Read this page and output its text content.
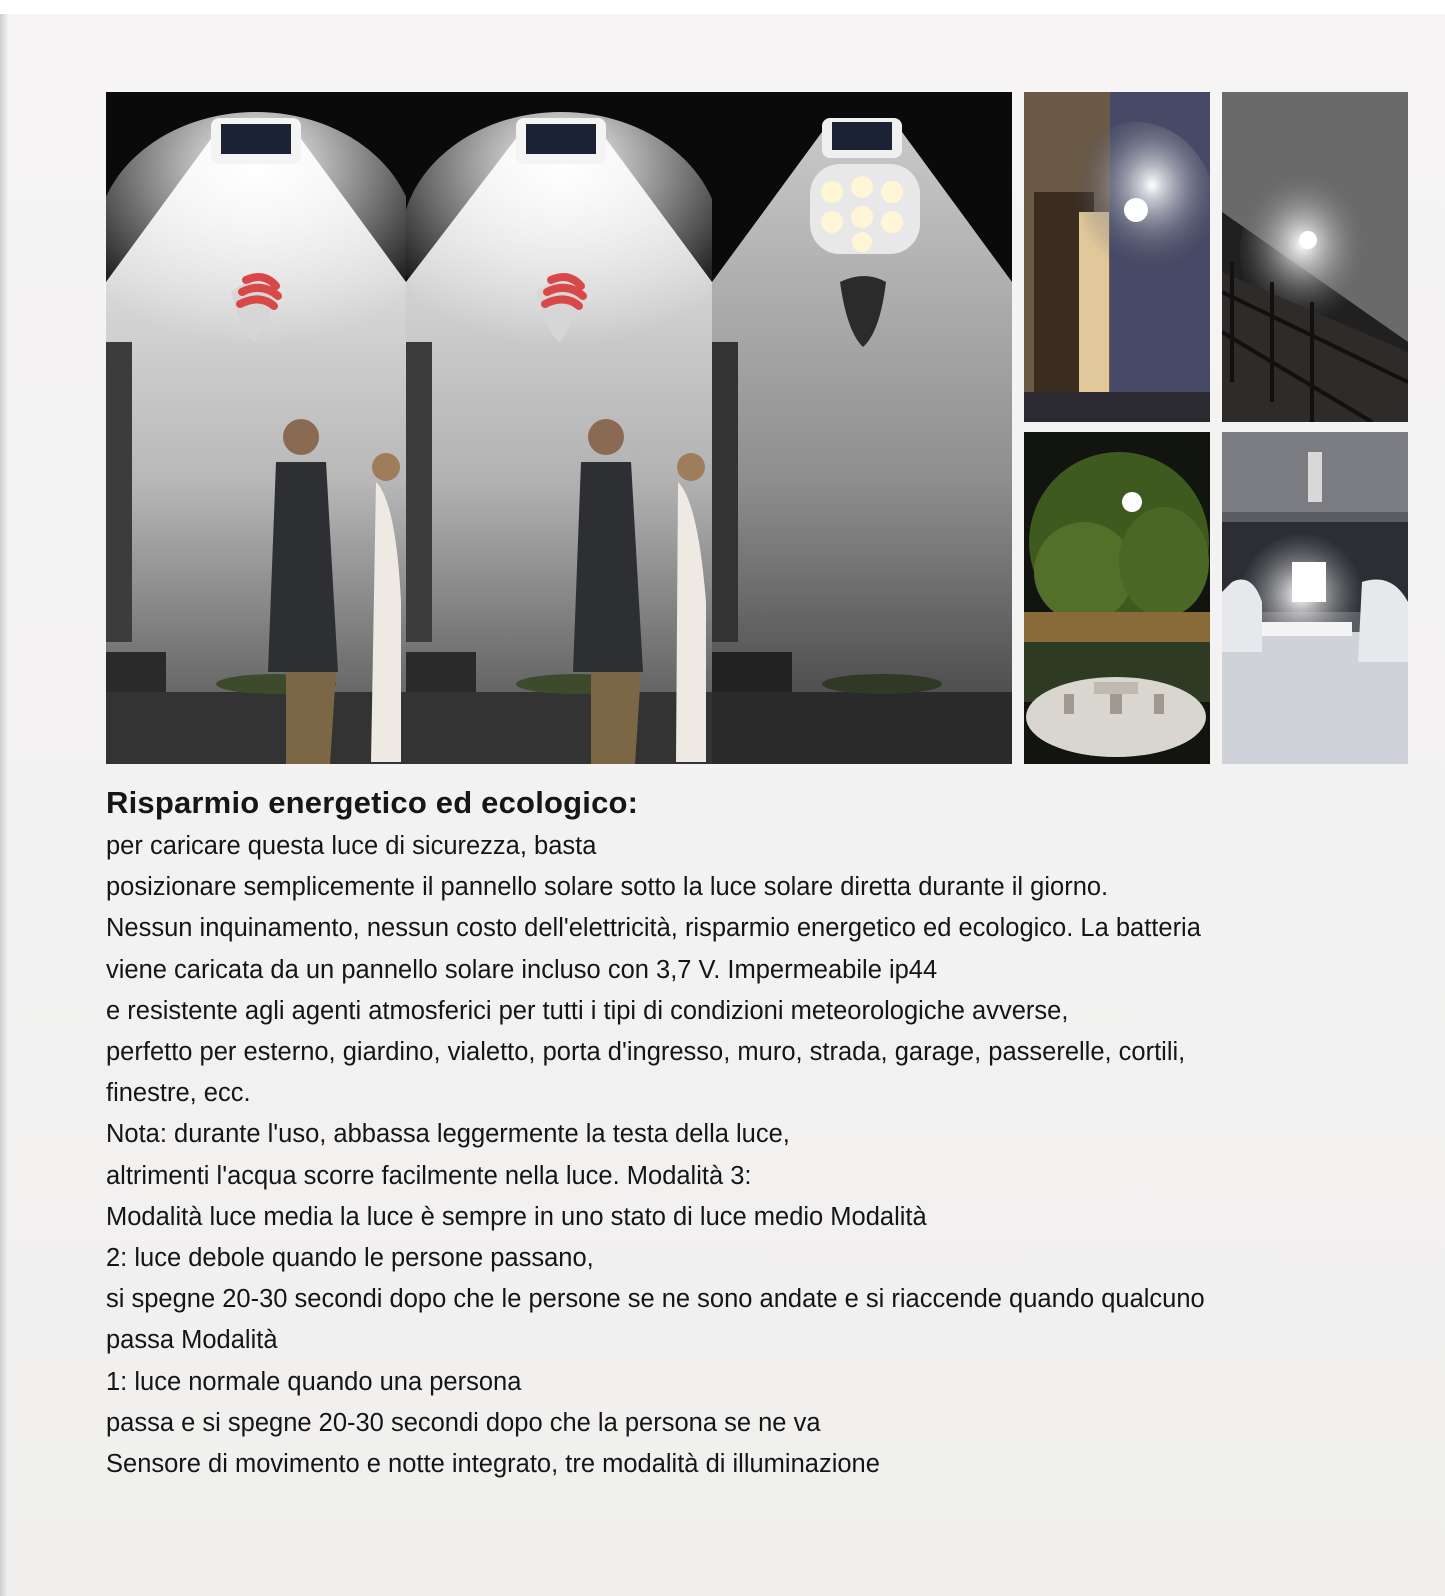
Risparmio energetico ed ecologico:

per caricare questa luce di sicurezza, basta

posizionare semplicemente il pannello solare sotto la luce solare diretta durante il giorno.

Nessun inquinamento, nessun costo dell'elettricità, risparmio energetico ed ecologico. La batteria

viene caricata da un pannello solare incluso con 3,7 V. Impermeabile ip44

e resistente agli agenti atmosferici per tutti i tipi di condizioni meteorologiche avverse,

perfetto per esterno, giardino, vialetto, porta d'ingresso, muro, strada, garage, passerelle, cortili,

finestre, ecc.

Nota: durante l'uso, abbassa leggermente la testa della luce,

altrimenti l'acqua scorre facilmente nella luce. Modalità 3:

Modalità luce media la luce è sempre in uno stato di luce medio Modalità

2: luce debole quando le persone passano,

si spegne 20-30 secondi dopo che le persone se ne sono andate e si riaccende quando qualcuno

passa Modalità

1: luce normale quando una persona

passa e si spegne 20-30 secondi dopo che la persona se ne va

Sensore di movimento e notte integrato, tre modalità di illuminazione
